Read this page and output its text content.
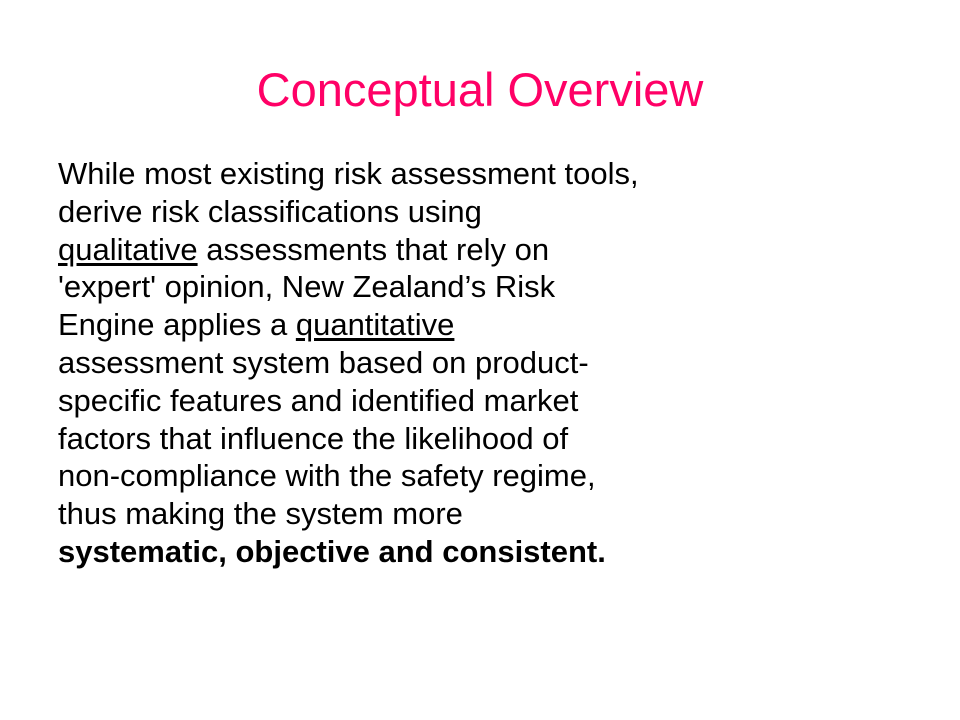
Conceptual Overview

While most existing risk assessment tools,
derive risk classifications using
qualitative assessments that rely on
'expert' opinion, New Zealand’s Risk
Engine applies a quantitative
assessment system based on product-
specific features and identified market
factors that influence the likelihood of
non-compliance with the safety regime,
thus making the system more
systematic, objective and consistent.
